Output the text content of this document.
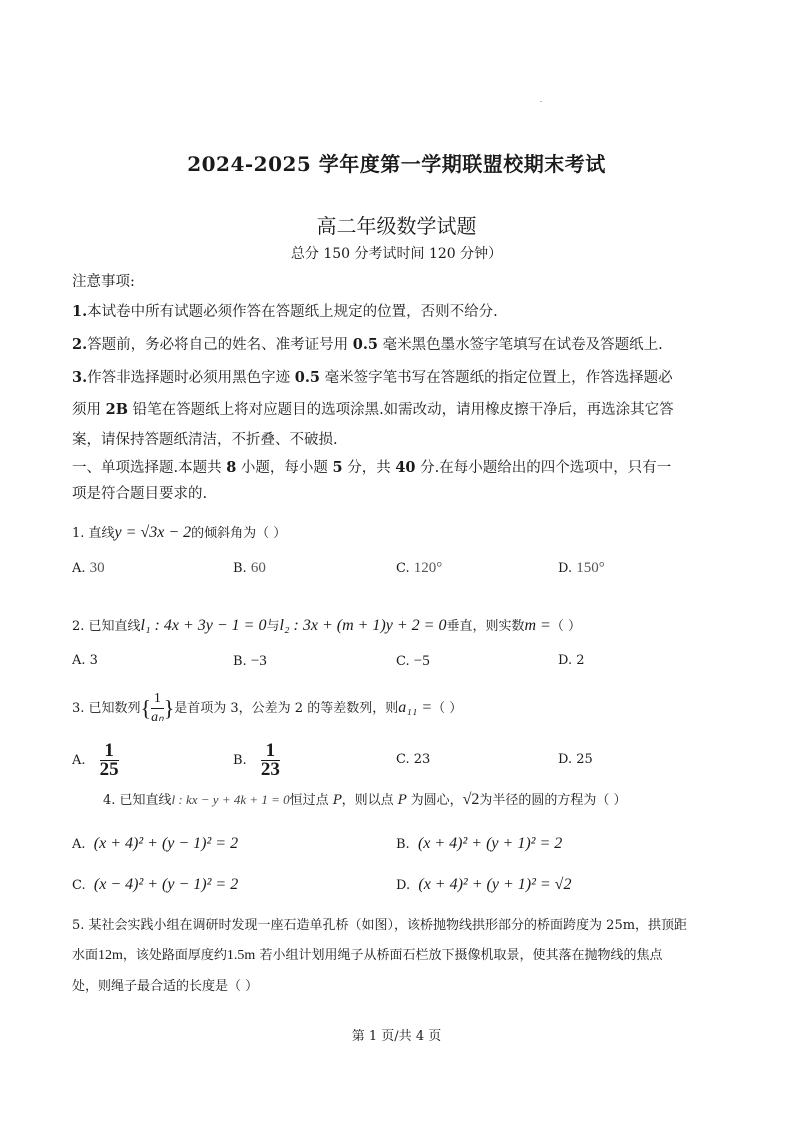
2024-2025 学年度第一学期联盟校期末考试
高二年级数学试题
总分 150 分考试时间 120 分钟）
注意事项:
1.本试卷中所有试题必须作答在答题纸上规定的位置，否则不给分.
2.答题前，务必将自己的姓名、准考证号用 0.5 毫米黑色墨水签字笔填写在试卷及答题纸上.
3.作答非选择题时必须用黑色字迹 0.5 毫米签字笔书写在答题纸的指定位置上，作答选择题必
须用 2B 铅笔在答题纸上将对应题目的选项涂黑.如需改动，请用橡皮擦干净后，再选涂其它答
案，请保持答题纸清洁，不折叠、不破损.
一、单项选择题.本题共 8 小题，每小题 5 分，共 40 分.在每小题给出的四个选项中，只有一
项是符合题目要求的.
1. 直线y = √3x − 2的倾斜角为（ ）
A. 30	B. 60	C. 120°	D. 150°
2. 已知直线l₁ : 4x + 3y − 1 = 0与l₂ : 3x + (m + 1)y + 2 = 0垂直，则实数m =（ ）
A. 3	B. −3	C. −5	D. 2
3. 已知数列{ $\frac{1}{\text{aₙ}}$ }是首项为 3，公差为 2 的等差数列，则a₁₁ =（ ）
A. $\frac{1}{25}$	B. $\frac{1}{23}$	C. 23	D. 25
4. 已知直线l : kx − y + 4k + 1 = 0恒过点 P，则以点 P 为圆心，√2为半径的圆的方程为（ ）
A. (x + 4)² + (y − 1)² = 2	B. (x + 4)² + (y + 1)² = 2
C. (x − 4)² + (y − 1)² = 2	D. (x + 4)² + (y + 1)² = √2
5. 某社会实践小组在调研时发现一座石造单孔桥（如图），该桥抛物线拱形部分的桥面跨度为 25m，拱顶距
水面12m，该处路面厚度约1.5m 若小组计划用绳子从桥面石栏放下摄像机取景，使其落在抛物线的焦点
处，则绳子最合适的长度是（ ）
第 1 页/共 4 页
